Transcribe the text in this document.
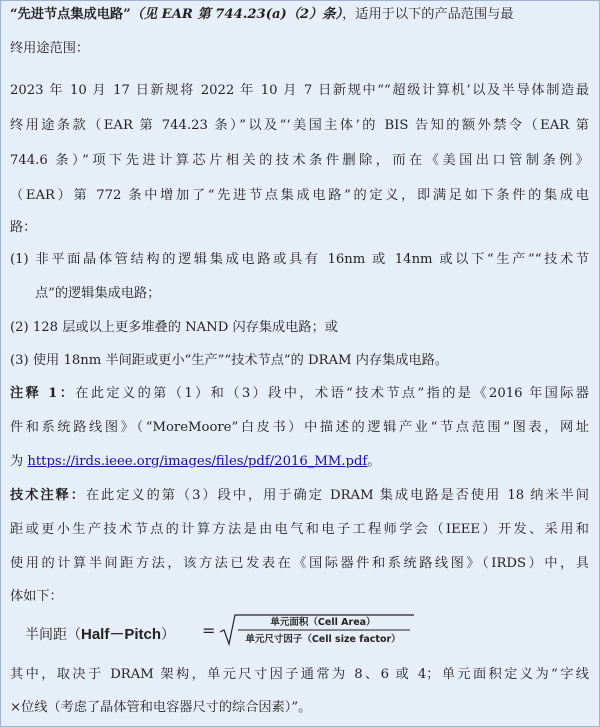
“先进节点集成电路”（见 EAR 第 744.23(a)（2）条），适用于以下的产品范围与最
终用途范围：
2023 年 10 月 17 日新规将 2022 年 10 月 7 日新规中““超级计算机’以及半导体制造最
终用途条款（EAR 第 744.23 条）”以及“‘美国主体’的 BIS 告知的额外禁令（EAR 第
744.6 条）”项下先进计算芯片相关的技术条件删除，而在《美国出口管制条例》
（EAR）第 772 条中增加了“先进节点集成电路”的定义，即满足如下条件的集成电
路：
(1) 非平面晶体管结构的逻辑集成电路或具有 16nm 或 14nm 或以下“生产”“技术节
点”的逻辑集成电路；
(2) 128 层或以上更多堆叠的 NAND 闪存集成电路；或
(3) 使用 18nm 半间距或更小“生产”“技术节点”的 DRAM 内存集成电路。
注释 1：在此定义的第（1）和（3）段中，术语“技术节点”指的是《2016 年国际器
件和系统路线图》（“MoreMoore”白皮书）中描述的逻辑产业“节点范围”图表，网址
为 https://irds.ieee.org/images/files/pdf/2016_MM.pdf。
技术注释：在此定义的第（3）段中，用于确定 DRAM 集成电路是否使用 18 纳米半间
距或更小生产技术节点的计算方法是由电气和电子工程师学会（IEEE）开发、采用和
使用的计算半间距方法，该方法已发表在《国际器件和系统路线图》（IRDS）中，具
体如下：
半间距（Half－Pitch） =	单元面积（Cell Area）
单元尺寸因子（Cell size factor）
其中，取决于 DRAM 架构，单元尺寸因子通常为 8、6 或 4；单元面积定义为“字线
×位线（考虑了晶体管和电容器尺寸的综合因素）”。
